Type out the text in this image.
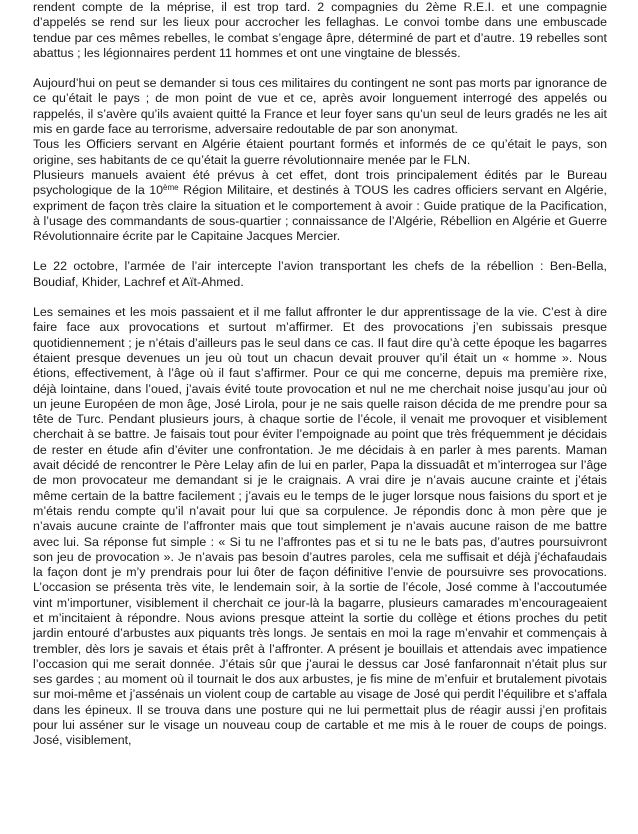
rendent compte de la méprise, il est trop tard. 2 compagnies du 2ème R.E.I. et une compagnie d’appelés se rend sur les lieux pour accrocher les fellaghas. Le convoi tombe dans une embuscade tendue par ces mêmes rebelles, le combat s’engage âpre, déterminé de part et d’autre. 19 rebelles sont abattus ; les légionnaires perdent 11 hommes et ont une vingtaine de blessés.

Aujourd’hui on peut se demander si tous ces militaires du contingent ne sont pas morts par ignorance de ce qu’était le pays ; de mon point de vue et ce, après avoir longuement interrogé des appelés ou rappelés, il s’avère qu’ils avaient quitté la France et leur foyer sans qu’un seul de leurs gradés ne les ait mis en garde face au terrorisme, adversaire redoutable de par son anonymat.

Tous les Officiers servant en Algérie étaient pourtant formés et informés de ce qu’était le pays, son origine, ses habitants de ce qu’était la guerre révolutionnaire menée par le FLN.

Plusieurs manuels avaient été prévus à cet effet, dont trois principalement édités par le Bureau psychologique de la 10ème Région Militaire, et destinés à TOUS les cadres officiers servant en Algérie, expriment de façon très claire la situation et le comportement à avoir : Guide pratique de la Pacification, à l’usage des commandants de sous-quartier ; connaissance de l’Algérie, Rébellion en Algérie et Guerre Révolutionnaire écrite par le Capitaine Jacques Mercier.

Le 22 octobre, l’armée de l’air intercepte l’avion transportant les chefs de la rébellion : Ben-Bella, Boudiaf, Khider, Lachref et Aït-Ahmed.

Les semaines et les mois passaient et il me fallut affronter le dur apprentissage de la vie. C’est à dire faire face aux provocations et surtout m’affirmer. Et des provocations j’en subissais presque quotidiennement ; je n’étais d’ailleurs pas le seul dans ce cas. Il faut dire qu’à cette époque les bagarres étaient presque devenues un jeu où tout un chacun devait prouver qu’il était un « homme ». Nous étions, effectivement, à l’âge où il faut s’affirmer. Pour ce qui me concerne, depuis ma première rixe, déjà lointaine, dans l’oued, j’avais évité toute provocation et nul ne me cherchait noise jusqu’au jour où un jeune Européen de mon âge, José Lirola, pour je ne sais quelle raison décida de me prendre pour sa tête de Turc. Pendant plusieurs jours, à chaque sortie de l’école, il venait me provoquer et visiblement cherchait à se battre. Je faisais tout pour éviter l’empoignade au point que très fréquemment je décidais de rester en étude afin d’éviter une confrontation. Je me décidais à en parler à mes parents. Maman avait décidé de rencontrer le Père Lelay afin de lui en parler, Papa la dissuadât et m’interrogea sur l’âge de mon provocateur me demandant si je le craignais. A vrai dire je n’avais aucune crainte et j’étais même certain de la battre facilement ; j’avais eu le temps de le juger lorsque nous faisions du sport et je m’étais rendu compte qu’il n’avait pour lui que sa corpulence. Je répondis donc à mon père que je n’avais aucune crainte de l’affronter mais que tout simplement je n’avais aucune raison de me battre avec lui. Sa réponse fut simple : « Si tu ne l’affrontes pas et si tu ne le bats pas, d’autres poursuivront son jeu de provocation ». Je n’avais pas besoin d’autres paroles, cela me suffisait et déjà j’échafaudais la façon dont je m’y prendrais pour lui ôter de façon définitive l’envie de poursuivre ses provocations. L’occasion se présenta très vite, le lendemain soir, à la sortie de l’école, José comme à l’accoutumée vint m’importuner, visiblement il cherchait ce jour-là la bagarre, plusieurs camarades m’encourageaient et m’incitaient à répondre. Nous avions presque atteint la sortie du collège et étions proches du petit jardin entouré d’arbustes aux piquants très longs. Je sentais en moi la rage m’envahir et commençais à trembler, dès lors je savais et étais prêt à l’affronter. A présent je bouillais et attendais avec impatience l’occasion qui me serait donnée. J’étais sûr que j’aurai le dessus car José fanfaronnait n’était plus sur ses gardes ; au moment où il tournait le dos aux arbustes, je fis mine de m’enfuir et brutalement pivotais sur moi-même et j’assénais un violent coup de cartable au visage de José qui perdit l’équilibre et s’affala dans les épineux. Il se trouva dans une posture qui ne lui permettait plus de réagir aussi j’en profitais pour lui asséner sur le visage un nouveau coup de cartable et me mis à le rouer de coups de poings. José, visiblement,
